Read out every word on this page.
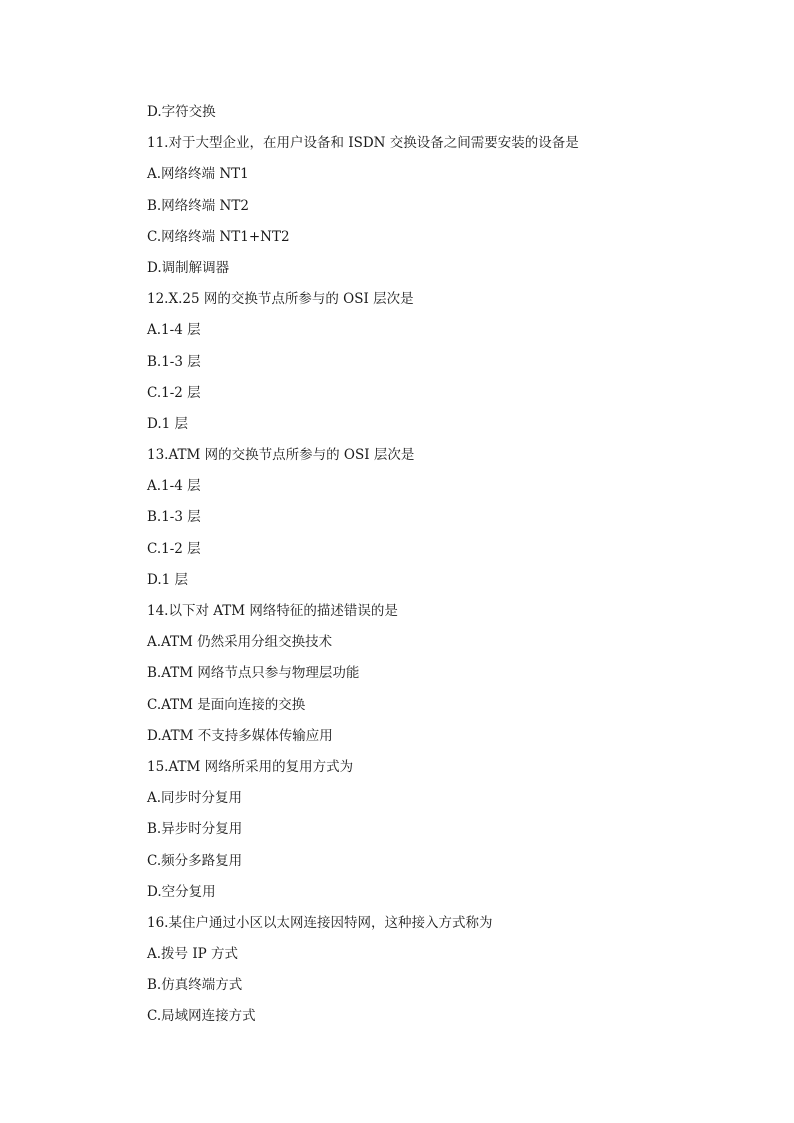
D.字符交换
11.对于大型企业，在用户设备和 ISDN 交换设备之间需要安装的设备是
A.网络终端 NT1
B.网络终端 NT2
C.网络终端 NT1+NT2
D.调制解调器
12.X.25 网的交换节点所参与的 OSI 层次是
A.1-4 层
B.1-3 层
C.1-2 层
D.1 层
13.ATM 网的交换节点所参与的 OSI 层次是
A.1-4 层
B.1-3 层
C.1-2 层
D.1 层
14.以下对 ATM 网络特征的描述错误的是
A.ATM 仍然采用分组交换技术
B.ATM 网络节点只参与物理层功能
C.ATM 是面向连接的交换
D.ATM 不支持多媒体传输应用
15.ATM 网络所采用的复用方式为
A.同步时分复用
B.异步时分复用
C.频分多路复用
D.空分复用
16.某住户通过小区以太网连接因特网，这种接入方式称为
A.拨号 IP 方式
B.仿真终端方式
C.局域网连接方式
